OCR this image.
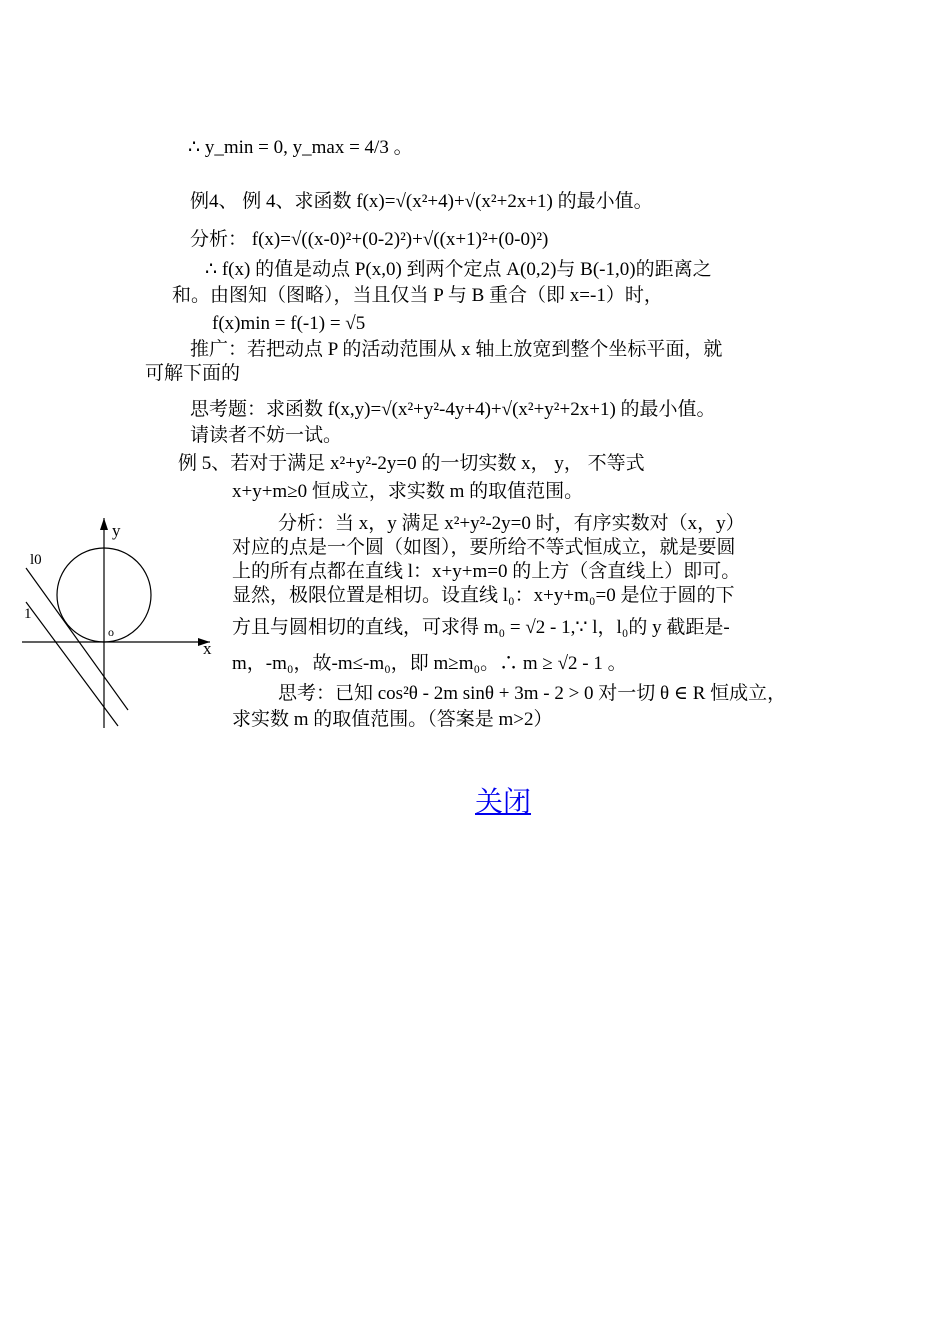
∴ y_min = 0, y_max = 4/3 。
例4、 例 4、求函数 f(x)=√(x²+4)+√(x²+2x+1) 的最小值。
分析： f(x)=√((x-0)²+(0-2)²)+√((x+1)²+(0-0)²)
∴ f(x) 的值是动点 P(x,0) 到两个定点 A(0,2)与 B(-1,0)的距离之
和。由图知（图略），当且仅当 P 与 B 重合（即 x=-1）时，
f(x)min = f(-1) = √5
推广：若把动点 P 的活动范围从 x 轴上放宽到整个坐标平面，就
可解下面的
思考题：求函数 f(x,y)=√(x²+y²-4y+4)+√(x²+y²+2x+1) 的最小值。
请读者不妨一试。
例 5、若对于满足 x²+y²-2y=0 的一切实数 x， y， 不等式
x+y+m≥0 恒成立，求实数 m 的取值范围。
分析：当 x，y 满足 x²+y²-2y=0 时，有序实数对（x，y）
对应的点是一个圆（如图），要所给不等式恒成立，就是要圆
上的所有点都在直线 l：x+y+m=0 的上方（含直线上）即可。
显然，极限位置是相切。设直线 l₀：x+y+m₀=0 是位于圆的下
方且与圆相切的直线，可求得 m₀ = √2 - 1,∵ l，l₀的 y 截距是-
m，-m₀，故-m≤-m₀，即 m≥m₀。∴ m ≥ √2 - 1 。
思考：已知 cos²θ - 2m sinθ + 3m - 2 > 0 对一切 θ ∈ R 恒成立，
求实数 m 的取值范围。（答案是 m>2）
y
x
o
l0
1
关闭
